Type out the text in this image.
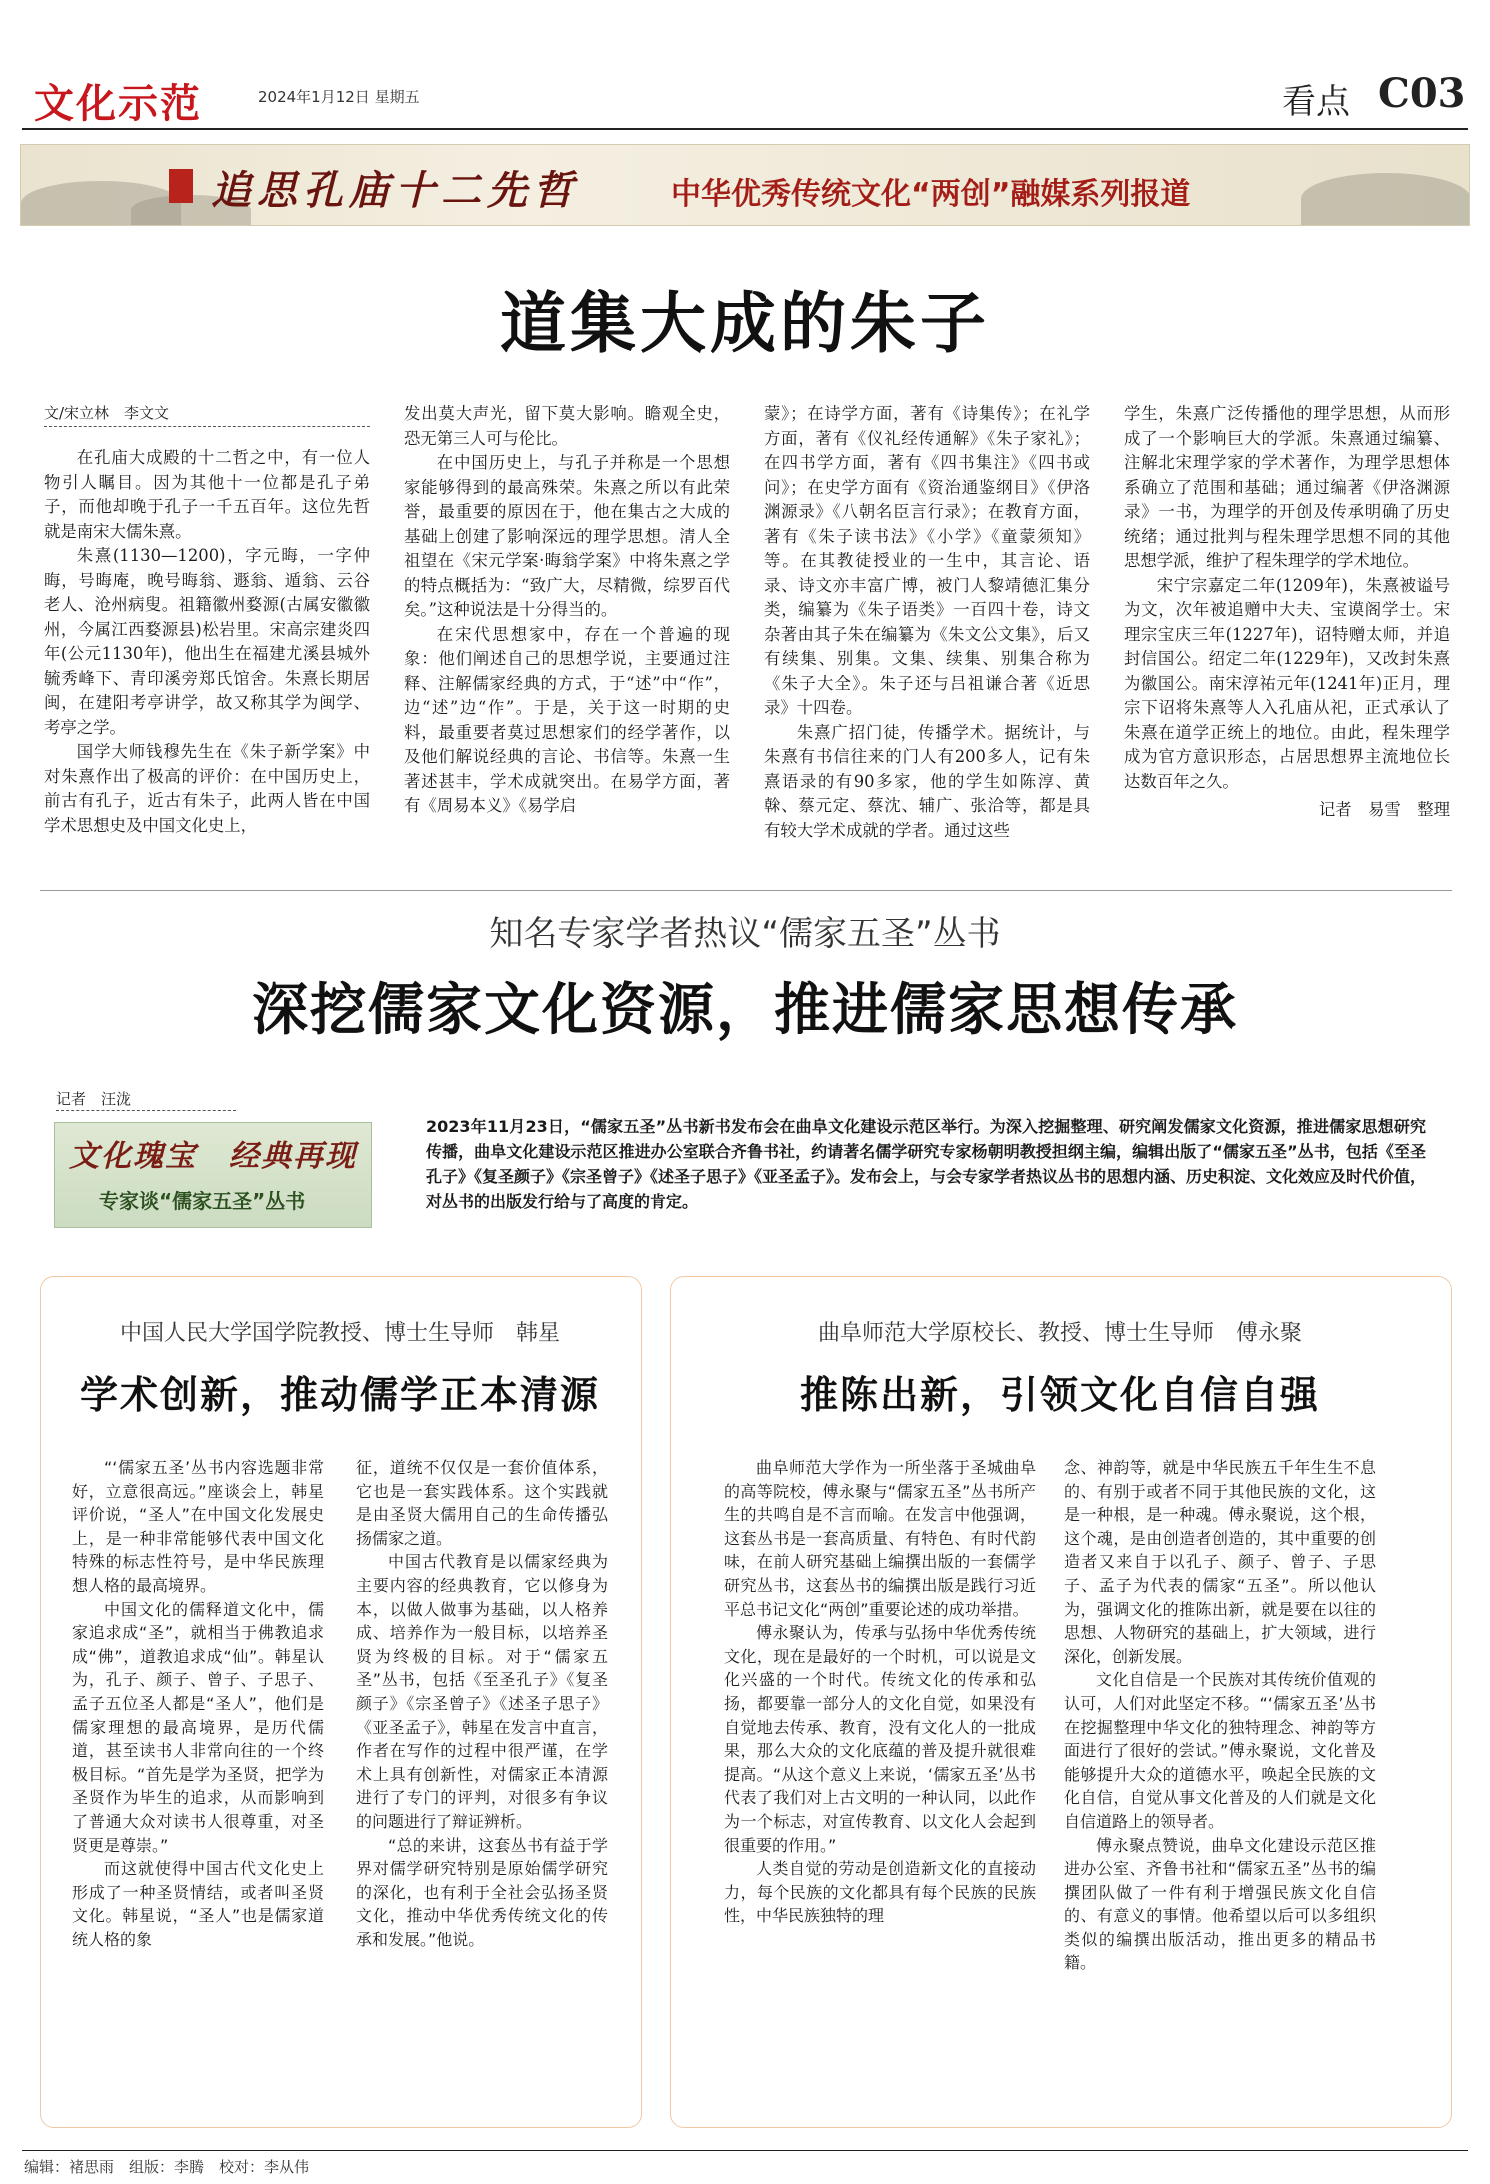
文化示范	2024年1月12日 星期五	看点 C03
追思孔庙十二先哲	中华优秀传统文化“两创”融媒系列报道
道集大成的朱子
文/宋立林　李文文

在孔庙大成殿的十二哲之中，有一位人物引人瞩目。因为其他十一位都是孔子弟子，而他却晚于孔子一千五百年。这位先哲就是南宋大儒朱熹。

朱熹(1130—1200)，字元晦，一字仲晦，号晦庵，晚号晦翁、遯翁、遁翁、云谷老人、沧州病叟。祖籍徽州婺源(古属安徽徽州，今属江西婺源县)松岩里。宋高宗建炎四年(公元1130年)，他出生在福建尤溪县城外毓秀峰下、青印溪旁郑氏馆舍。朱熹长期居闽，在建阳考亭讲学，故又称其学为闽学、考亭之学。

国学大师钱穆先生在《朱子新学案》中对朱熹作出了极高的评价：在中国历史上，前古有孔子，近古有朱子，此两人皆在中国学术思想史及中国文化史上，

发出莫大声光，留下莫大影响。瞻观全史，恐无第三人可与伦比。

在中国历史上，与孔子并称是一个思想家能够得到的最高殊荣。朱熹之所以有此荣誉，最重要的原因在于，他在集古之大成的基础上创建了影响深远的理学思想。清人全祖望在《宋元学案·晦翁学案》中将朱熹之学的特点概括为：“致广大，尽精微，综罗百代矣。”这种说法是十分得当的。

在宋代思想家中，存在一个普遍的现象：他们阐述自己的思想学说，主要通过注释、注解儒家经典的方式，于“述”中“作”，边“述”边“作”。于是，关于这一时期的史料，最重要者莫过思想家们的经学著作，以及他们解说经典的言论、书信等。朱熹一生著述甚丰，学术成就突出。在易学方面，著有《周易本义》《易学启

蒙》；在诗学方面，著有《诗集传》；在礼学方面，著有《仪礼经传通解》《朱子家礼》；在四书学方面，著有《四书集注》《四书或问》；在史学方面有《资治通鉴纲目》《伊洛渊源录》《八朝名臣言行录》；在教育方面，著有《朱子读书法》《小学》《童蒙须知》等。在其教徒授业的一生中，其言论、语录、诗文亦丰富广博，被门人黎靖德汇集分类，编纂为《朱子语类》一百四十卷，诗文杂著由其子朱在编纂为《朱文公文集》，后又有续集、别集。文集、续集、别集合称为《朱子大全》。朱子还与吕祖谦合著《近思录》十四卷。

朱熹广招门徒，传播学术。据统计，与朱熹有书信往来的门人有200多人，记有朱熹语录的有90多家，他的学生如陈淳、黄榦、蔡元定、蔡沈、辅广、张洽等，都是具有较大学术成就的学者。通过这些

学生，朱熹广泛传播他的理学思想，从而形成了一个影响巨大的学派。朱熹通过编纂、注解北宋理学家的学术著作，为理学思想体系确立了范围和基础；通过编著《伊洛渊源录》一书，为理学的开创及传承明确了历史统绪；通过批判与程朱理学思想不同的其他思想学派，维护了程朱理学的学术地位。

宋宁宗嘉定二年(1209年)，朱熹被谥号为文，次年被追赠中大夫、宝谟阁学士。宋理宗宝庆三年(1227年)，诏特赠太师，并追封信国公。绍定二年(1229年)，又改封朱熹为徽国公。南宋淳祐元年(1241年)正月，理宗下诏将朱熹等人入孔庙从祀，正式承认了朱熹在道学正统上的地位。由此，程朱理学成为官方意识形态，占居思想界主流地位长达数百年之久。

记者　易雪　整理
知名专家学者热议“儒家五圣”丛书
深挖儒家文化资源，推进儒家思想传承
记者　汪泷
文化瑰宝　经典再现
专家谈“儒家五圣”丛书

2023年11月23日，“儒家五圣”丛书新书发布会在曲阜文化建设示范区举行。为深入挖掘整理、研究阐发儒家文化资源，推进儒家思想研究传播，曲阜文化建设示范区推进办公室联合齐鲁书社，约请著名儒学研究专家杨朝明教授担纲主编，编辑出版了“儒家五圣”丛书，包括《至圣孔子》《复圣颜子》《宗圣曾子》《述圣子思子》《亚圣孟子》。发布会上，与会专家学者热议丛书的思想内涵、历史积淀、文化效应及时代价值，对丛书的出版发行给与了高度的肯定。

中国人民大学国学院教授、博士生导师　韩星
学术创新，推动儒学正本清源

“‘儒家五圣’丛书内容选题非常好，立意很高远。”座谈会上，韩星评价说，“圣人”在中国文化发展史上，是一种非常能够代表中国文化特殊的标志性符号，是中华民族理想人格的最高境界。

中国文化的儒释道文化中，儒家追求成“圣”，就相当于佛教追求成“佛”，道教追求成“仙”。韩星认为，孔子、颜子、曾子、子思子、孟子五位圣人都是“圣人”，他们是儒家理想的最高境界，是历代儒道，甚至读书人非常向往的一个终极目标。“首先是学为圣贤，把学为圣贤作为毕生的追求，从而影响到了普通大众对读书人很尊重，对圣贤更是尊崇。”

而这就使得中国古代文化史上形成了一种圣贤情结，或者叫圣贤文化。韩星说，“圣人”也是儒家道统人格的象

征，道统不仅仅是一套价值体系，它也是一套实践体系。这个实践就是由圣贤大儒用自己的生命传播弘扬儒家之道。

中国古代教育是以儒家经典为主要内容的经典教育，它以修身为本，以做人做事为基础，以人格养成、培养作为一般目标，以培养圣贤为终极的目标。对于“儒家五圣”丛书，包括《至圣孔子》《复圣颜子》《宗圣曾子》《述圣子思子》《亚圣孟子》，韩星在发言中直言，作者在写作的过程中很严谨，在学术上具有创新性，对儒家正本清源进行了专门的评判，对很多有争议的问题进行了辩证辨析。

“总的来讲，这套丛书有益于学界对儒学研究特别是原始儒学研究的深化，也有利于全社会弘扬圣贤文化，推动中华优秀传统文化的传承和发展。”他说。

曲阜师范大学原校长、教授、博士生导师　傅永聚
推陈出新，引领文化自信自强

曲阜师范大学作为一所坐落于圣城曲阜的高等院校，傅永聚与“儒家五圣”丛书所产生的共鸣自是不言而喻。在发言中他强调，这套丛书是一套高质量、有特色、有时代韵味，在前人研究基础上编撰出版的一套儒学研究丛书，这套丛书的编撰出版是践行习近平总书记文化“两创”重要论述的成功举措。

傅永聚认为，传承与弘扬中华优秀传统文化，现在是最好的一个时机，可以说是文化兴盛的一个时代。传统文化的传承和弘扬，都要靠一部分人的文化自觉，如果没有自觉地去传承、教育，没有文化人的一批成果，那么大众的文化底蕴的普及提升就很难提高。“从这个意义上来说，‘儒家五圣’丛书代表了我们对上古文明的一种认同，以此作为一个标志，对宣传教育、以文化人会起到很重要的作用。”

人类自觉的劳动是创造新文化的直接动力，每个民族的文化都具有每个民族的民族性，中华民族独特的理

念、神韵等，就是中华民族五千年生生不息的、有别于或者不同于其他民族的文化，这是一种根，是一种魂。傅永聚说，这个根，这个魂，是由创造者创造的，其中重要的创造者又来自于以孔子、颜子、曾子、子思子、孟子为代表的儒家“五圣”。所以他认为，强调文化的推陈出新，就是要在以往的思想、人物研究的基础上，扩大领域，进行深化，创新发展。

文化自信是一个民族对其传统价值观的认可，人们对此坚定不移。“‘儒家五圣’丛书在挖掘整理中华文化的独特理念、神韵等方面进行了很好的尝试。”傅永聚说，文化普及能够提升大众的道德水平，唤起全民族的文化自信，自觉从事文化普及的人们就是文化自信道路上的领导者。

傅永聚点赞说，曲阜文化建设示范区推进办公室、齐鲁书社和“儒家五圣”丛书的编撰团队做了一件有利于增强民族文化自信的、有意义的事情。他希望以后可以多组织类似的编撰出版活动，推出更多的精品书籍。

编辑：褚思雨　组版：李腾　校对：李从伟
